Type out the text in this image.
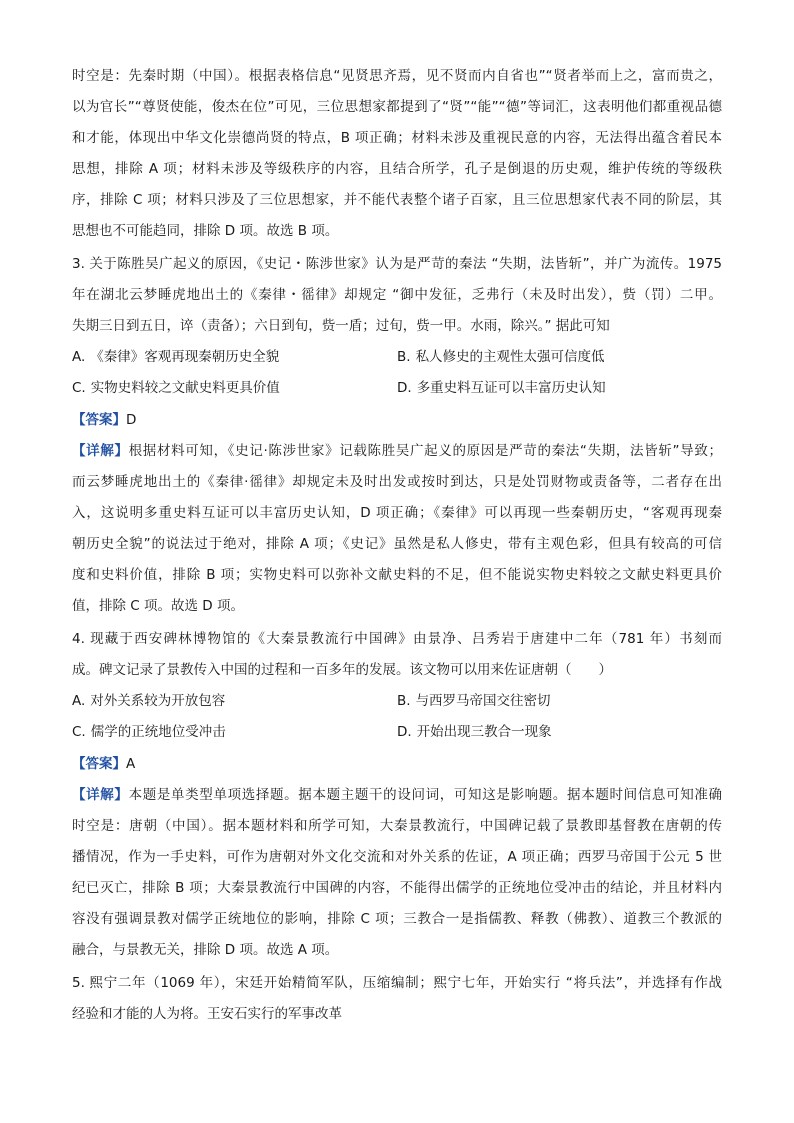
时空是：先秦时期（中国）。根据表格信息“见贤思齐焉，见不贤而内自省也”“贤者举而上之，富而贵之，
以为官长”“尊贤使能，俊杰在位”可见，三位思想家都提到了“贤”“能”“德”等词汇，这表明他们都重视品德
和才能，体现出中华文化崇德尚贤的特点，B 项正确；材料未涉及重视民意的内容，无法得出蕴含着民本
思想，排除 A 项；材料未涉及等级秩序的内容，且结合所学，孔子是倒退的历史观，维护传统的等级秩
序，排除 C 项；材料只涉及了三位思想家，并不能代表整个诸子百家，且三位思想家代表不同的阶层，其
思想也不可能趋同，排除 D 项。故选 B 项。
3. 关于陈胜吴广起义的原因，《史记・陈涉世家》认为是严苛的秦法 “失期，法皆斩”，并广为流传。1975
年在湖北云梦睡虎地出土的《秦律・徭律》却规定 “御中发征，乏弗行（未及时出发），赀（罚）二甲。
失期三日到五日，谇（责备）；六日到旬，赀一盾；过旬，赀一甲。水雨，除兴。” 据此可知
A. 《秦律》客观再现秦朝历史全貌	B. 私人修史的主观性太强可信度低
C. 实物史料较之文献史料更具价值	D. 多重史料互证可以丰富历史认知
【答案】D
【详解】根据材料可知，《史记·陈涉世家》记载陈胜吴广起义的原因是严苛的秦法“失期，法皆斩”导致；
而云梦睡虎地出土的《秦律·徭律》却规定未及时出发或按时到达，只是处罚财物或责备等，二者存在出
入，这说明多重史料互证可以丰富历史认知，D 项正确；《秦律》可以再现一些秦朝历史，“客观再现秦
朝历史全貌”的说法过于绝对，排除 A 项；《史记》虽然是私人修史，带有主观色彩，但具有较高的可信
度和史料价值，排除 B 项；实物史料可以弥补文献史料的不足，但不能说实物史料较之文献史料更具价
值，排除 C 项。故选 D 项。
4. 现藏于西安碑林博物馆的《大秦景教流行中国碑》由景净、吕秀岩于唐建中二年（781 年）书刻而
成。碑文记录了景教传入中国的过程和一百多年的发展。该文物可以用来佐证唐朝（　　）
A. 对外关系较为开放包容	B. 与西罗马帝国交往密切
C. 儒学的正统地位受冲击	D. 开始出现三教合一现象
【答案】A
【详解】本题是单类型单项选择题。据本题主题干的设问词，可知这是影响题。据本题时间信息可知准确
时空是：唐朝（中国）。据本题材料和所学可知，大秦景教流行，中国碑记载了景教即基督教在唐朝的传
播情况，作为一手史料，可作为唐朝对外文化交流和对外关系的佐证，A 项正确；西罗马帝国于公元 5 世
纪已灭亡，排除 B 项；大秦景教流行中国碑的内容，不能得出儒学的正统地位受冲击的结论，并且材料内
容没有强调景教对儒学正统地位的影响，排除 C 项；三教合一是指儒教、释教（佛教）、道教三个教派的
融合，与景教无关，排除 D 项。故选 A 项。
5. 熙宁二年（1069 年），宋廷开始精简军队，压缩编制；熙宁七年，开始实行 “将兵法”，并选择有作战
经验和才能的人为将。王安石实行的军事改革
